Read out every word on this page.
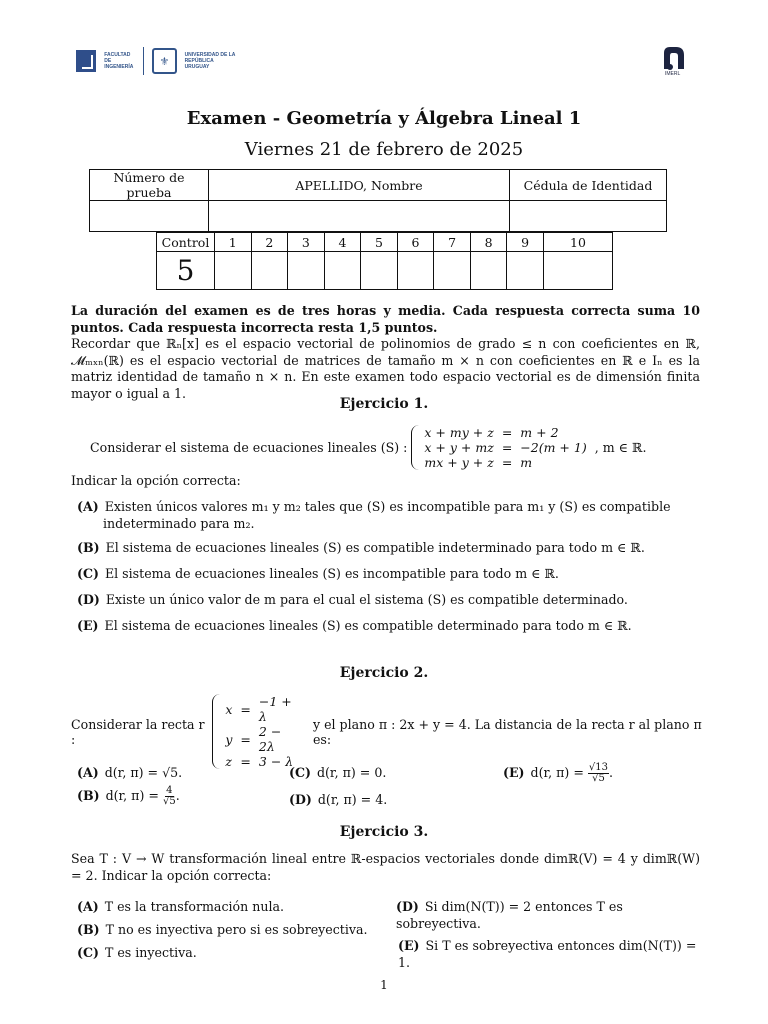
FACULTAD DE INGENIERÍA	⚜	UNIVERSIDAD DE LA REPÚBLICA URUGUAY
IMERL
Examen - Geometría y Álgebra Lineal 1
Viernes 21 de febrero de 2025
Número de prueba	APELLIDO, Nombre	Cédula de Identidad

Control	1	2	3	4	5	6	7	8	9	10
5										
La duración del examen es de tres horas y media. Cada respuesta correcta suma 10 puntos. Cada respuesta incorrecta resta 1,5 puntos.
Recordar que ℝₙ[x] es el espacio vectorial de polinomios de grado ≤ n con coeficientes en ℝ, 𝓜ₘₓₙ(ℝ) es el espacio vectorial de matrices de tamaño m × n con coeficientes en ℝ e Iₙ es la matriz identidad de tamaño n × n. En este examen todo espacio vectorial es de dimensión finita mayor o igual a 1.
Ejercicio 1.
Considerar el sistema de ecuaciones lineales (S) :
x + my + z	=	m + 2
x + y + mz	=	−2(m + 1)
mx + y + z	=	m
, m ∈ ℝ.
Indicar la opción correcta:
(A) Existen únicos valores m₁ y m₂ tales que (S) es incompatible para m₁ y (S) es compatible indeterminado para m₂.
(B) El sistema de ecuaciones lineales (S) es compatible indeterminado para todo m ∈ ℝ.
(C) El sistema de ecuaciones lineales (S) es incompatible para todo m ∈ ℝ.
(D) Existe un único valor de m para el cual el sistema (S) es compatible determinado.
(E) El sistema de ecuaciones lineales (S) es compatible determinado para todo m ∈ ℝ.
Ejercicio 2.
Considerar la recta r :
x	=	−1 + λ
y	=	2 − 2λ
z	=	3 − λ
y el plano π : 2x + y = 4. La distancia de la recta r al plano π es:
(A) d(r, π) = √5.
(B) d(r, $\pi) = \frac{4}{√5}$ .
(C) d(r, π) = 0.
(D) d(r, π) = 4.
(E) d(r, $\pi) = \frac{√13}{√5}$ .
Ejercicio 3.
Sea T : V → W transformación lineal entre ℝ-espacios vectoriales donde dimℝ(V) = 4 y dimℝ(W) = 2. Indicar la opción correcta:
(A) T es la transformación nula.
(B) T no es inyectiva pero si es sobreyectiva.
(C) T es inyectiva.
(D) Si dim(N(T)) = 2 entonces T es sobreyectiva.
(E) Si T es sobreyectiva entonces dim(N(T)) = 1.
1
